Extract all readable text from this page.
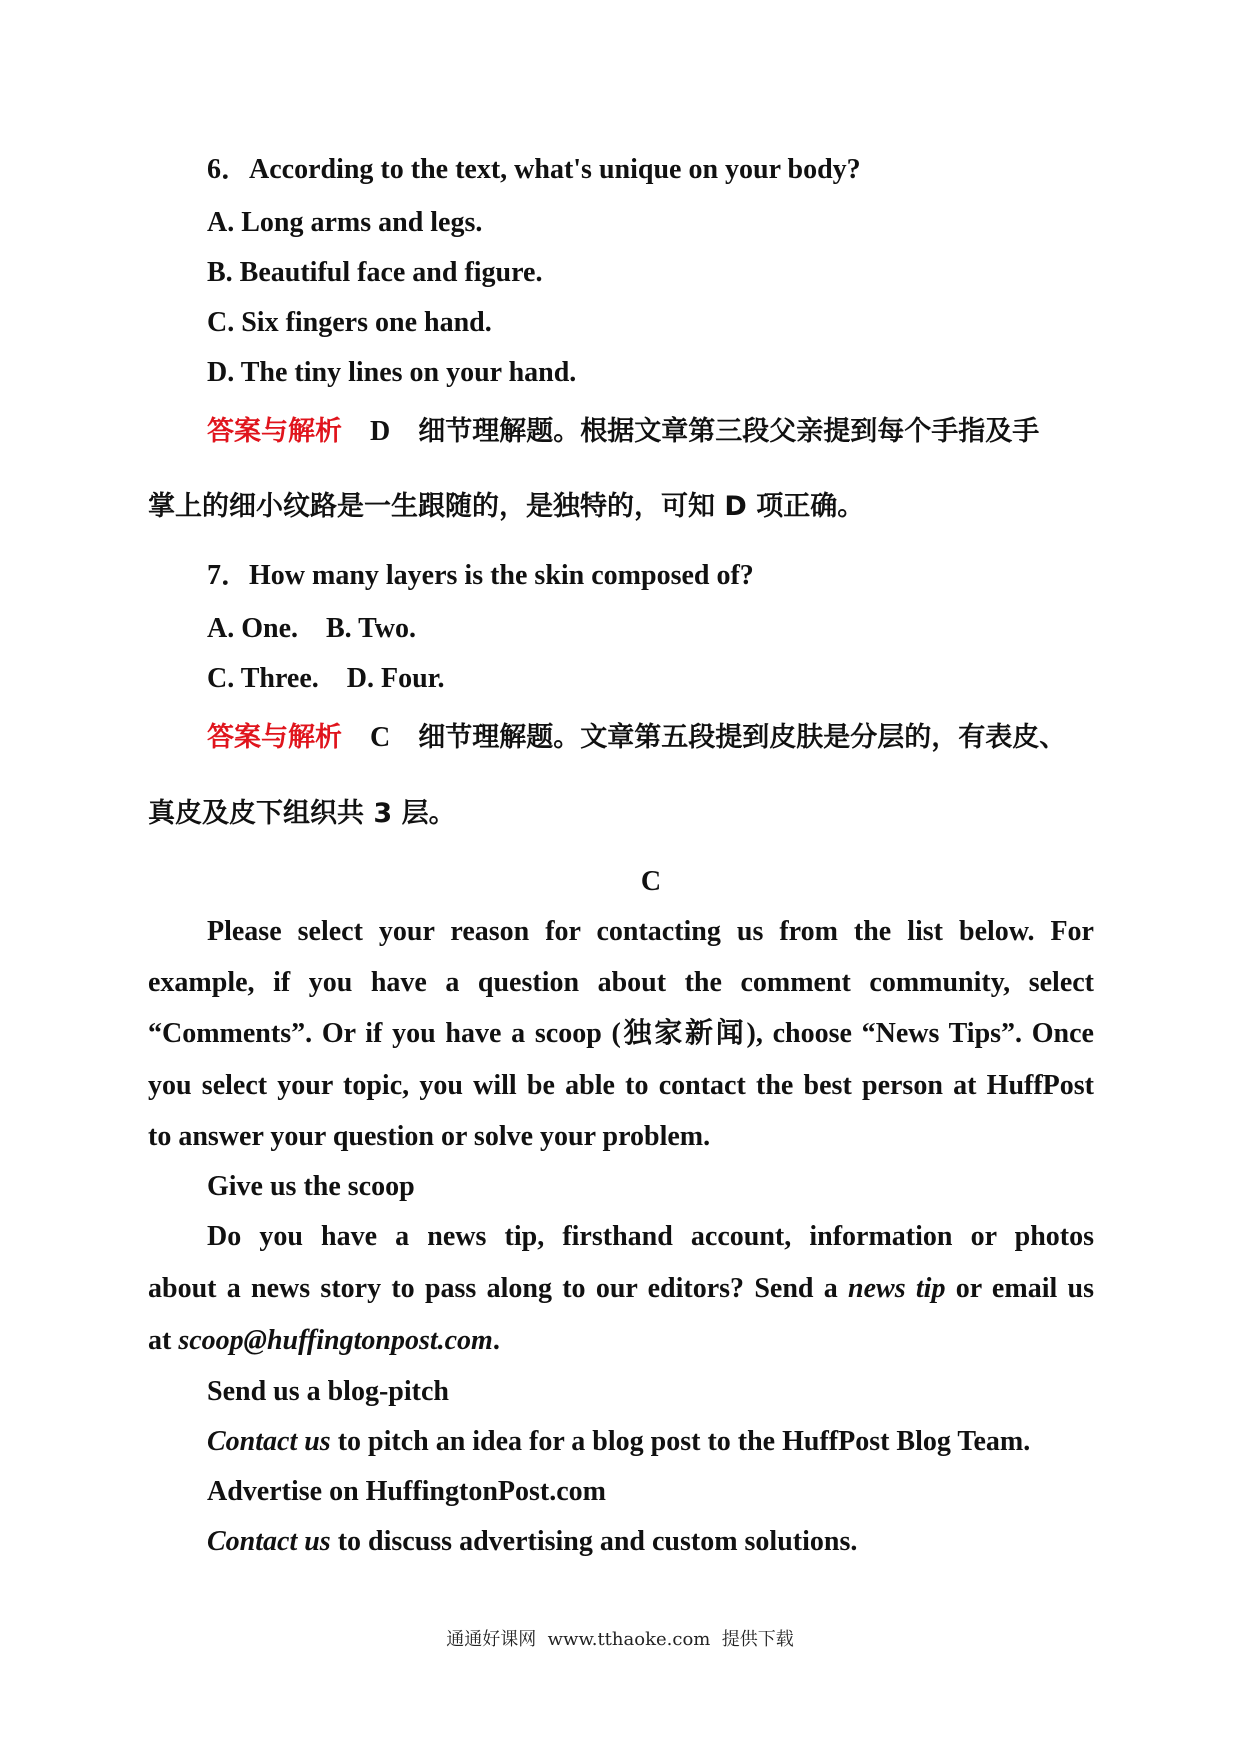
6．According to the text, what's unique on your body?
A. Long arms and legs.
B. Beautiful face and figure.
C. Six fingers one hand.
D. The tiny lines on your hand.
答案与解析 D 细节理解题。根据文章第三段父亲提到每个手指及手
掌上的细小纹路是一生跟随的，是独特的，可知 D 项正确。
7．How many layers is the skin composed of?
A. One.    B. Two.
C. Three.    D. Four.
答案与解析 C 细节理解题。文章第五段提到皮肤是分层的，有表皮、
真皮及皮下组织共 3 层。
C
Please select your reason for contacting us from the list below. For
example, if you have a question about the comment community, select
“Comments”. Or if you have a scoop (独家新闻), choose “News Tips”. Once
you select your topic, you will be able to contact the best person at HuffPost
to answer your question or solve your problem.
Give us the scoop
Do you have a news tip, firsthand account, information or photos
about a news story to pass along to our editors? Send a news tip or email us
at scoop@huffingtonpost.com.
Send us a blog-pitch
Contact us to pitch an idea for a blog post to the HuffPost Blog Team.
Advertise on HuffingtonPost.com
Contact us to discuss advertising and custom solutions.
通通好课网  www.tthaoke.com  提供下载
